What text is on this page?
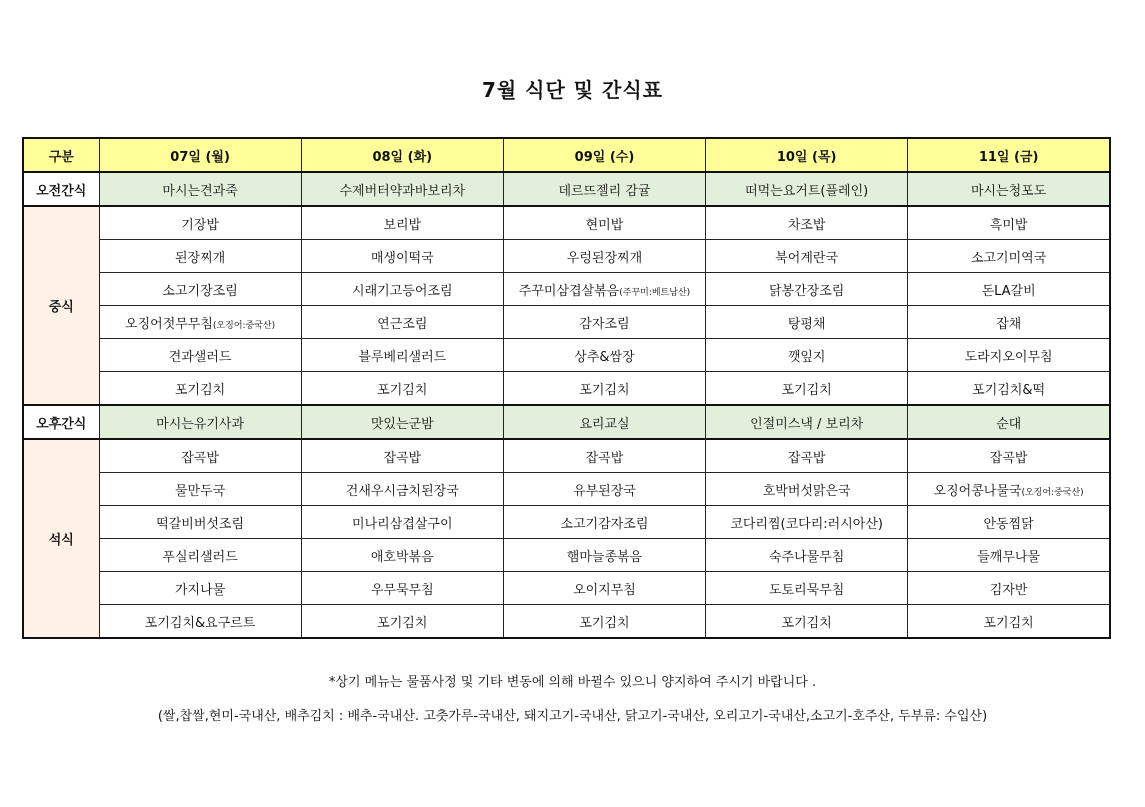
7월 식단 및 간식표
구분	07일 (월)	08일 (화)	09일 (수)	10일 (목)	11일 (금)
오전간식	마시는견과죽	수제버터약과바보리차	데르뜨젤리 감귤	떠먹는요거트(플레인)	마시는청포도
중식	기장밥	보리밥	현미밥	차조밥	흑미밥
	된장찌개	매생이떡국	우렁된장찌개	북어계란국	소고기미역국
	소고기장조림	시래기고등어조림	주꾸미삼겹살볶음(주꾸미:베트남산)	닭봉간장조림	돈LA갈비
	오징어젓무무침(오징어:중국산)	연근조림	감자조림	탕평채	잡채
	견과샐러드	블루베리샐러드	상추&쌈장	깻잎지	도라지오이무침
	포기김치	포기김치	포기김치	포기김치	포기김치&떡
오후간식	마시는유기사과	맛있는군밤	요리교실	인절미스낵 / 보리차	순대
석식	잡곡밥	잡곡밥	잡곡밥	잡곡밥	잡곡밥
	물만두국	건새우시금치된장국	유부된장국	호박버섯맑은국	오징어콩나물국(오징어:중국산)
	떡갈비버섯조림	미나리삼겹살구이	소고기감자조림	코다리찜(코다리:러시아산)	안동찜닭
	푸실리샐러드	애호박볶음	햄마늘종볶음	숙주나물무침	들깨무나물
	가지나물	우무묵무침	오이지무침	도토리묵무침	김자반
	포기김치&요구르트	포기김치	포기김치	포기김치	포기김치
*상기 메뉴는 물품사정 및 기타 변동에 의해 바뀔수 있으니 양지하여 주시기 바랍니다 .
(쌀,찹쌀,현미-국내산, 배추김치 : 배추-국내산. 고춧가루-국내산, 돼지고기-국내산, 닭고기-국내산, 오리고기-국내산,소고기-호주산, 두부류: 수입산)
